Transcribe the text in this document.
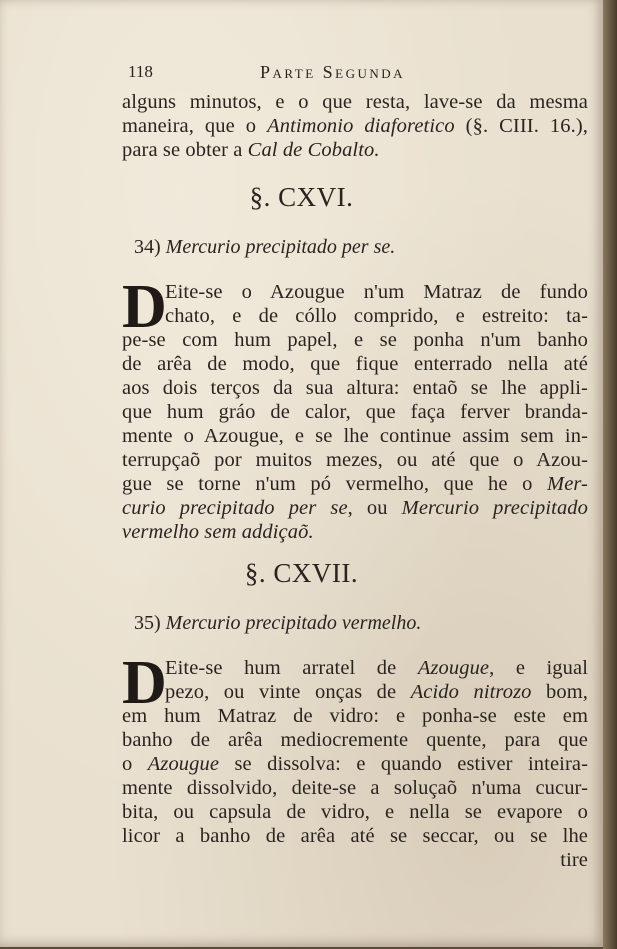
118	Parte Segunda
alguns minutos, e o que resta, lave-se da mesma
maneira, que o Antimonio diaforetico (§. CIII. 16.),
para se obter a Cal de Cobalto.
§. CXVI.
34) Mercurio precipitado per se.
D
Eite-se o Azougue n'um Matraz de fundo
chato, e de cóllo comprido, e estreito: ta-
pe-se com hum papel, e se ponha n'um banho
de arêa de modo, que fique enterrado nella até
aos dois terços da sua altura: entaõ se lhe appli-
que hum gráo de calor, que faça ferver branda-
mente o Azougue, e se lhe continue assim sem in-
terrupçaõ por muitos mezes, ou até que o Azou-
gue se torne n'um pó vermelho, que he o Mer-
curio precipitado per se, ou Mercurio precipitado
vermelho sem addiçaõ.
§. CXVII.
35) Mercurio precipitado vermelho.
D
Eite-se hum arratel de Azougue, e igual
pezo, ou vinte onças de Acido nitrozo bom,
em hum Matraz de vidro: e ponha-se este em
banho de arêa mediocremente quente, para que
o Azougue se dissolva: e quando estiver inteira-
mente dissolvido, deite-se a soluçaõ n'uma cucur-
bita, ou capsula de vidro, e nella se evapore o
licor a banho de arêa até se seccar, ou se lhe
tire
